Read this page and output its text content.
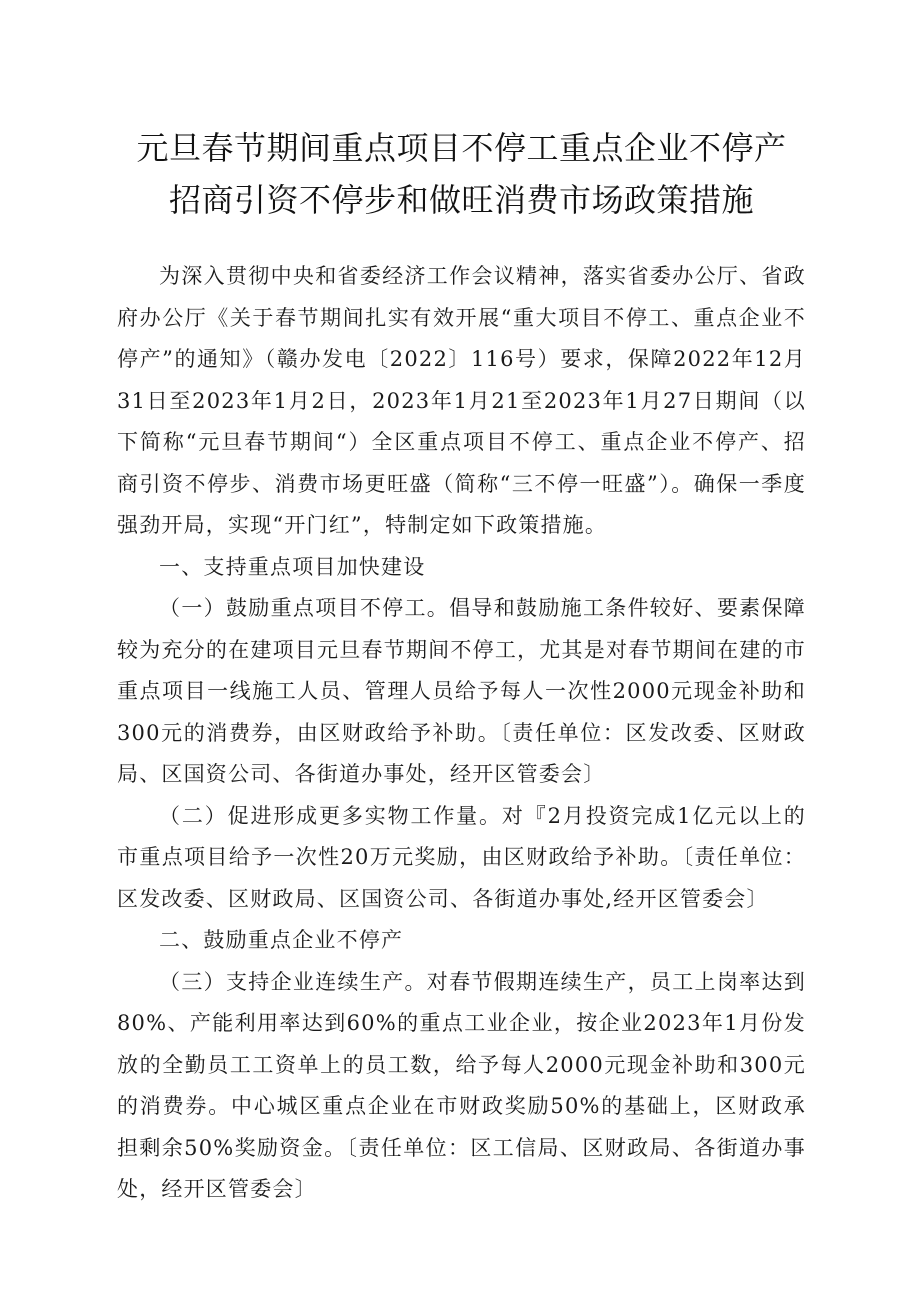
元旦春节期间重点项目不停工重点企业不停产
招商引资不停步和做旺消费市场政策措施

为深入贯彻中央和省委经济工作会议精神，落实省委办公厅、省政府办公厅《关于春节期间扎实有效开展“重大项目不停工、重点企业不停产”的通知》（赣办发电〔2022〕116号）要求，保障2022年12月31日至2023年1月2日，2023年1月21至2023年1月27日期间（以下简称“元旦春节期间“）全区重点项目不停工、重点企业不停产、招商引资不停步、消费市场更旺盛（简称“三不停一旺盛”）。确保一季度强劲开局，实现“开门红”，特制定如下政策措施。

一、支持重点项目加快建设

（一）鼓励重点项目不停工。倡导和鼓励施工条件较好、要素保障较为充分的在建项目元旦春节期间不停工，尤其是对春节期间在建的市重点项目一线施工人员、管理人员给予每人一次性2000元现金补助和300元的消费券，由区财政给予补助。〔责任单位：区发改委、区财政局、区国资公司、各街道办事处，经开区管委会〕

（二）促进形成更多实物工作量。对『2月投资完成1亿元以上的市重点项目给予一次性20万元奖励，由区财政给予补助。〔责任单位：区发改委、区财政局、区国资公司、各街道办事处,经开区管委会〕

二、鼓励重点企业不停产

（三）支持企业连续生产。对春节假期连续生产，员工上岗率达到80%、产能利用率达到60%的重点工业企业，按企业2023年1月份发放的全勤员工工资单上的员工数，给予每人2000元现金补助和300元的消费券。中心城区重点企业在市财政奖励50%的基础上，区财政承担剩余50%奖励资金。〔责任单位：区工信局、区财政局、各街道办事处，经开区管委会〕
